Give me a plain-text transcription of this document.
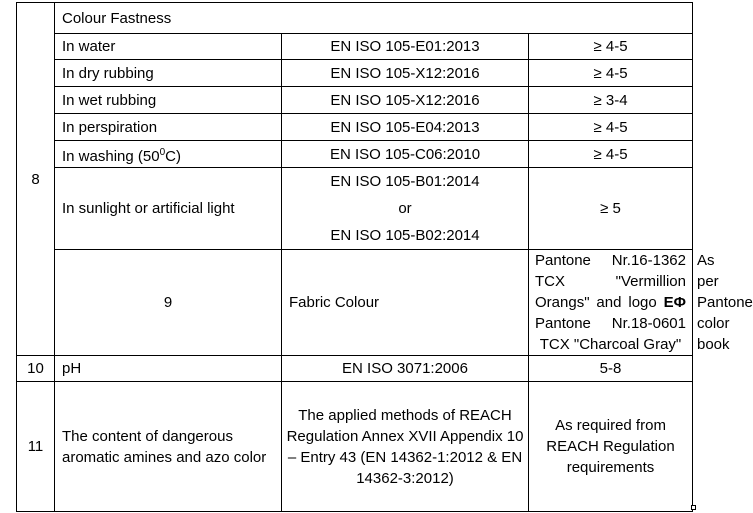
8	Colour Fastness			
	In water	EN ISO 105-E01:2013	≥ 4-5	
	In dry rubbing	EN ISO 105-X12:2016	≥ 4-5	
	In wet rubbing	EN ISO 105-X12:2016	≥ 3-4	
	In perspiration	EN ISO 105-E04:2013	≥ 4-5	
	In washing $(50^0C)$	EN ISO 105-C06:2010	≥ 4-5	
	In sunlight or artificial light	EN ISO 105-B01:2014
or
EN ISO 105-B02:2014	≥ 5	
	9	Fabric Colour	Pantone Nr.16-1362 TCX "Vermillion Orangs" and logo ΕΦ Pantone Nr.18-0601 TCX "Charcoal Gray"	As per Pantone color book
10	pH	EN ISO 3071:2006	5-8	
11	The content of dangerous aromatic amines and azo color	The applied methods of REACH Regulation Annex XVII Appendix 10 – Entry 43 (EN 14362-1:2012 & EN 14362-3:2012)	As required from REACH Regulation requirements	
